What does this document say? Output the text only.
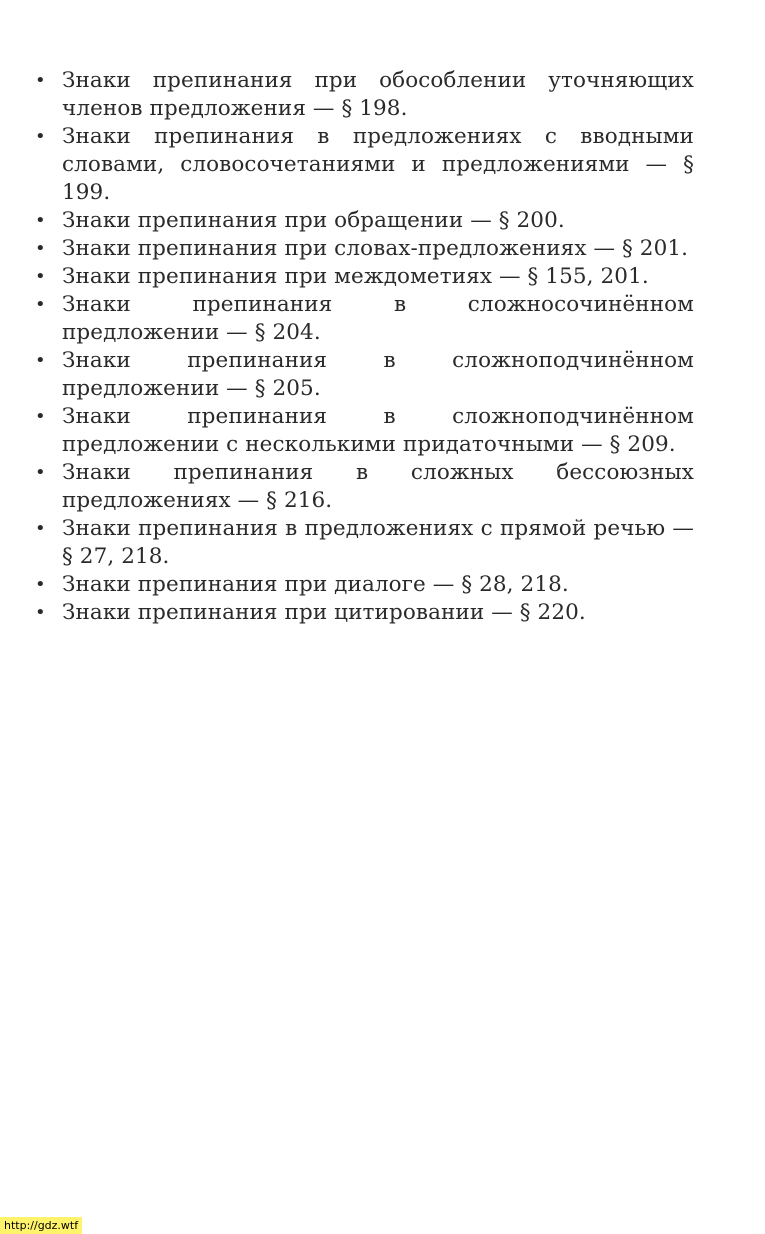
• Знаки препинания при обособлении уточняющих членов предложения — § 198.
• Знаки препинания в предложениях с вводными словами, словосочетаниями и предложениями — § 199.
• Знаки препинания при обращении — § 200.
• Знаки препинания при словах-предложениях — § 201.
• Знаки препинания при междометиях — § 155, 201.
• Знаки препинания в сложносочинённом предложении — § 204.
• Знаки препинания в сложноподчинённом предложении — § 205.
• Знаки препинания в сложноподчинённом предложении с несколькими придаточными — § 209.
• Знаки препинания в сложных бессоюзных предложениях — § 216.
• Знаки препинания в предложениях с прямой речью — § 27, 218.
• Знаки препинания при диалоге — § 28, 218.
• Знаки препинания при цитировании — § 220.
http://gdz.wtf
